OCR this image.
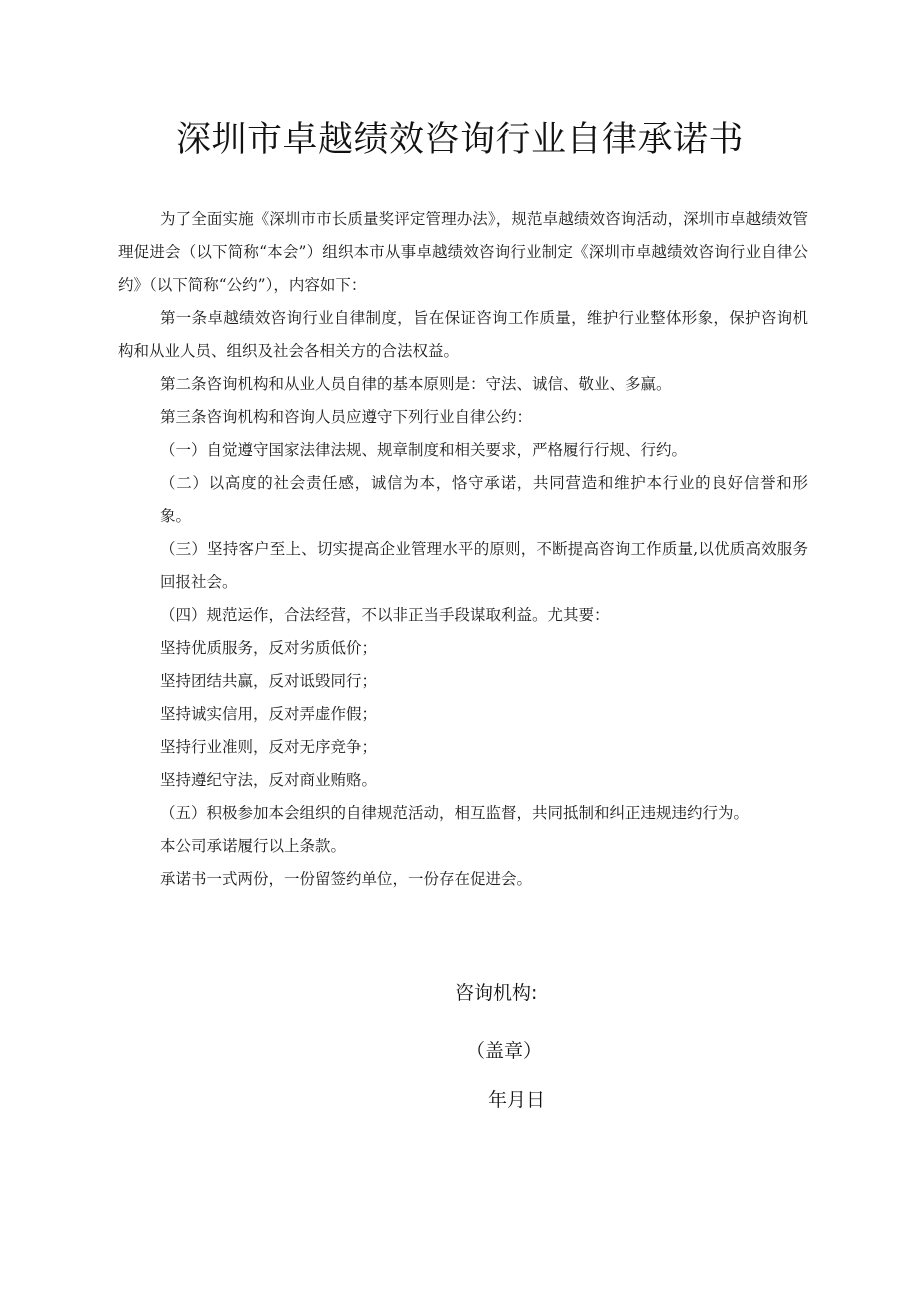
深圳市卓越绩效咨询行业自律承诺书

为了全面实施《深圳市市长质量奖评定管理办法》，规范卓越绩效咨询活动，深圳市卓越绩效管理促进会（以下简称“本会”）组织本市从事卓越绩效咨询行业制定《深圳市卓越绩效咨询行业自律公约》（以下简称“公约”），内容如下：

第一条卓越绩效咨询行业自律制度，旨在保证咨询工作质量，维护行业整体形象，保护咨询机构和从业人员、组织及社会各相关方的合法权益。

第二条咨询机构和从业人员自律的基本原则是：守法、诚信、敬业、多赢。

第三条咨询机构和咨询人员应遵守下列行业自律公约：

（一）自觉遵守国家法律法规、规章制度和相关要求，严格履行行规、行约。

（二）以高度的社会责任感，诚信为本，恪守承诺，共同营造和维护本行业的良好信誉和形象。

（三）坚持客户至上、切实提高企业管理水平的原则，不断提高咨询工作质量,以优质高效服务回报社会。

（四）规范运作，合法经营，不以非正当手段谋取利益。尤其要：

坚持优质服务，反对劣质低价；

坚持团结共赢，反对诋毁同行；

坚持诚实信用，反对弄虚作假；

坚持行业准则，反对无序竞争；

坚持遵纪守法，反对商业贿赂。

（五）积极参加本会组织的自律规范活动，相互监督，共同抵制和纠正违规违约行为。

本公司承诺履行以上条款。

承诺书一式两份，一份留签约单位，一份存在促进会。

咨询机构:
（盖章）
年月日
